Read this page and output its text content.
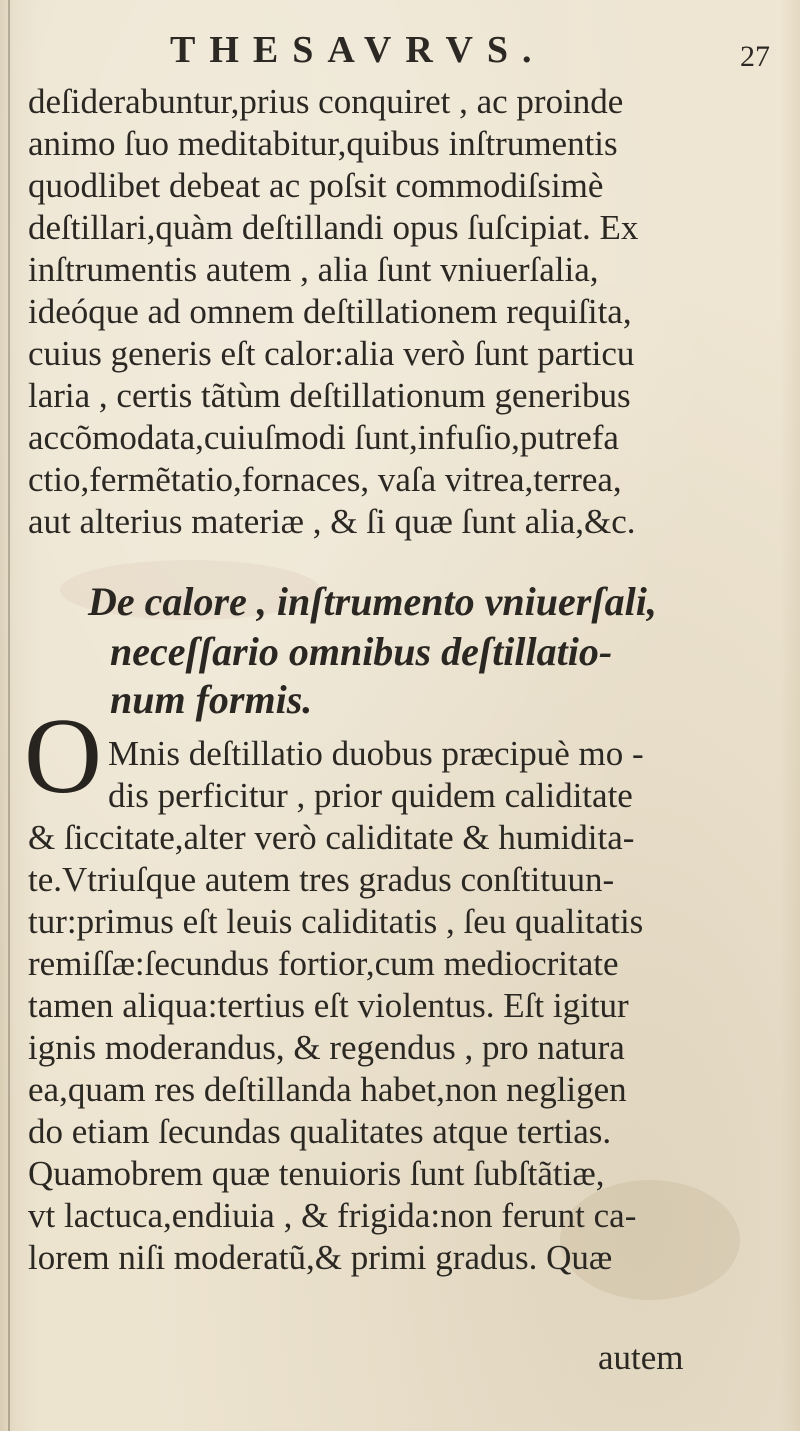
THESAVRVS.	27
deſiderabuntur,prius conquiret , ac proinde
animo ſuo meditabitur,quibus inſtrumentis
quodlibet debeat ac poſsit commodiſsimè
deſtillari,quàm deſtillandi opus ſuſcipiat. Ex
inſtrumentis autem , alia ſunt vniuerſalia,
ideóque ad omnem deſtillationem requiſita,
cuius generis eſt calor:alia verò ſunt particu
laria , certis tãtùm deſtillationum generibus
accõmodata,cuiuſmodi ſunt,infuſio,putrefa
ctio,fermẽtatio,fornaces, vaſa vitrea,terrea,
aut alterius materiæ , & ſi quæ ſunt alia,&c.
De calore , inſtrumento vniuerſali,
neceſſario omnibus deſtillatio-
num formis.
O Mnis deſtillatio duobus præcipuè mo -
dis perficitur , prior quidem caliditate
& ſiccitate,alter verò caliditate & humidita-
te.Vtriuſque autem tres gradus conſtituun-
tur:primus eſt leuis caliditatis , ſeu qualitatis
remiſſæ:ſecundus fortior,cum mediocritate
tamen aliqua:tertius eſt violentus. Eſt igitur
ignis moderandus, & regendus , pro natura
ea,quam res deſtillanda habet,non negligen
do etiam ſecundas qualitates atque tertias.
Quamobrem quæ tenuioris ſunt ſubſtãtiæ,
vt lactuca,endiuia , & frigida:non ferunt ca-
lorem niſi moderatũ,& primi gradus. Quæ
autem
